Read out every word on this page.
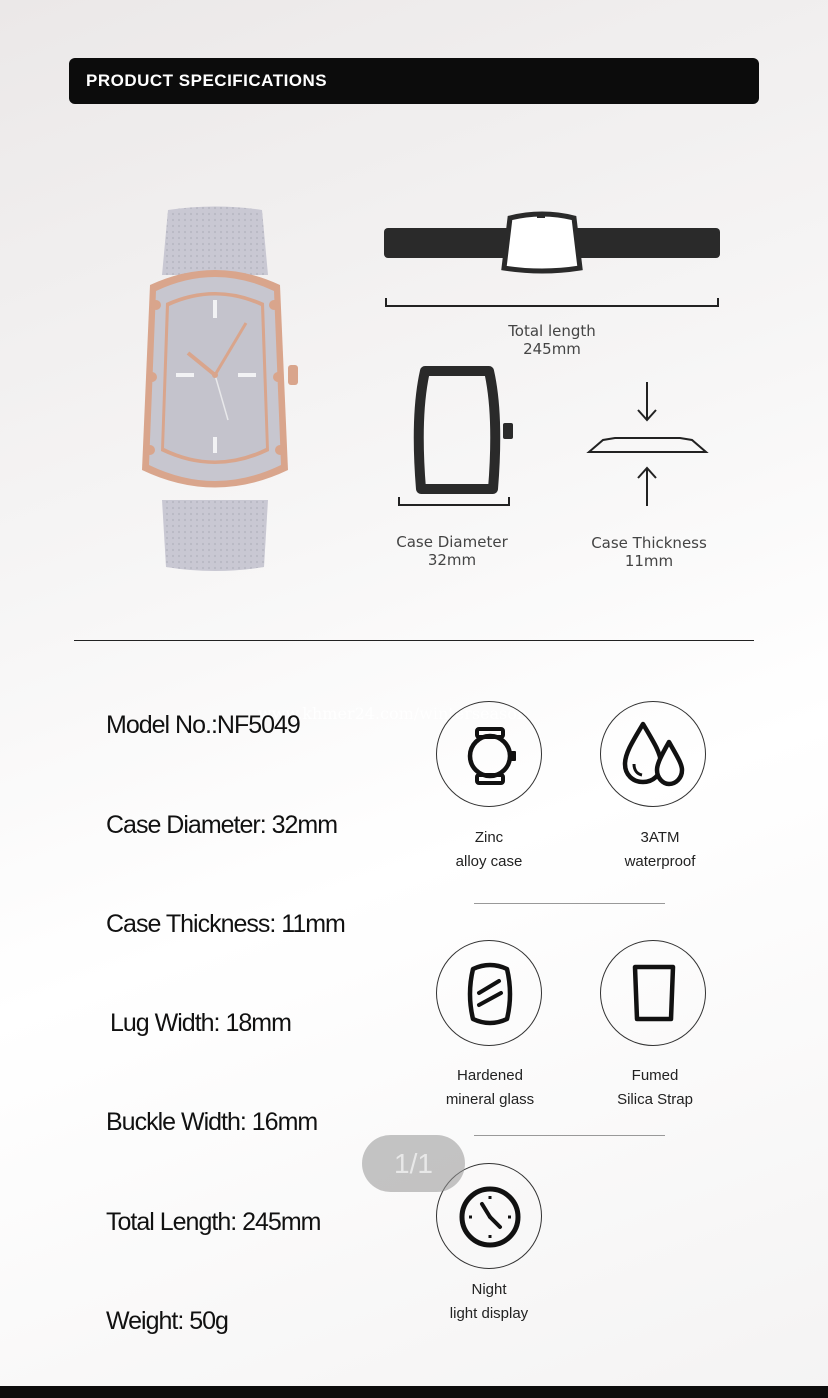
PRODUCT SPECIFICATIONS
Total length
245mm
Case Diameter
32mm
Case Thickness
11mm
www.khmer24.com/winterseason
Model No.:NF5049
Case Diameter: 32mm
Case Thickness: 11mm
Lug Width: 18mm
Buckle Width: 16mm
Total Length: 245mm
Weight: 50g
Zinc
alloy case
3ATM
waterproof
Hardened
mineral glass
Fumed
Silica Strap
Night
light display
1/1
